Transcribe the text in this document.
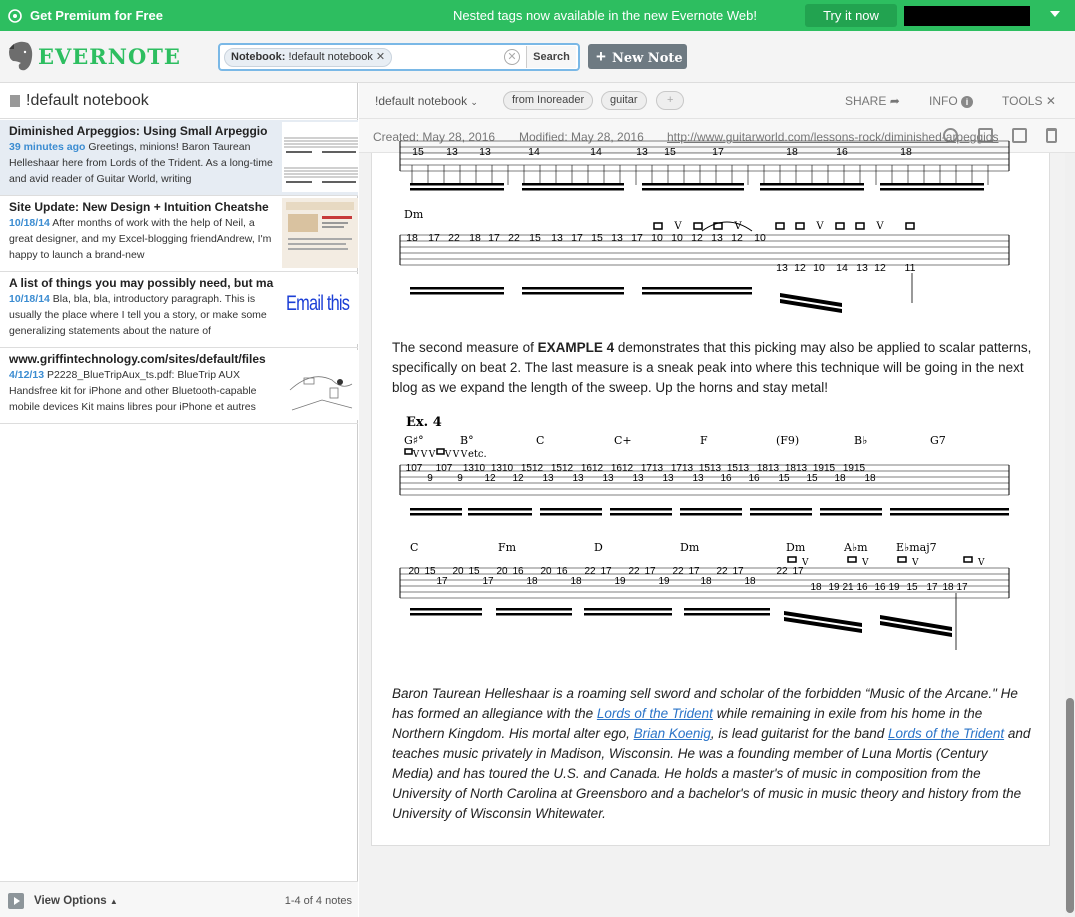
Get Premium for Free	Nested tags now available in the new Evernote Web!	Try it now
EVERNOTE	Notebook: !default notebook ✕	✕	Search	+ New Note
!default notebook
Diminished Arpeggios: Using Small Arpeggio
39 minutes ago Greetings, minions! Baron Taurean Helleshaar here from Lords of the Trident. As a long-time and avid reader of Guitar World, writing
Site Update: New Design + Intuition Cheatshe
10/18/14 After months of work with the help of Neil, a great designer, and my Excel-blogging friendAndrew, I'm happy to launch a brand-new
A list of things you may possibly need, but ma
10/18/14 Bla, bla, bla, introductory paragraph. This is usually the place where I tell you a story, or make some generalizing statements about the nature of
Email this
www.griffintechnology.com/sites/default/files
4/12/13 P2228_BlueTripAux_ts.pdf: BlueTrip AUX Handsfree kit for iPhone and other Bluetooth-capable mobile devices Kit mains libres pour iPhone et autres
View Options ▲	1-4 of 4 notes
!default notebook ⌄	from Inoreader	guitar	+	SHARE ➦ INFO i	TOOLS ✕
Created: May 28, 2016 Modified: May 28, 2016 http://www.guitarworld.com/lessons-rock/diminished-arpeggios
15 13 13	14	14	13 15	17	18	16	18
Dm
18 17 22 18 17 22 15 13 17 15 13 17 10 10 12 13 12 10
13 12 10 14 13 12 11
V	V	V	V
Ex. 4
G♯°	B°	C	C+	F	(F9)	B♭	G7
etc.
V V V V V V
107 107 1310 1310 1512 1512 1612 1612 1713 1713 1513 1513 1813 1813 1915 1915
9 9 12 12 13 13 13 13 13 13 16 16 15 15 18 18
C	Fm	D	Dm	Dm	A♭m	E♭maj7
20 15 20 15 20 16 20 16 22 17 22 17 22 17 22 17	22 17
17	17	18	18	19	19	18	18
18 19 21 16 16 19 15 17 18 17
V	V	V	V

The second measure of EXAMPLE 4 demonstrates that this picking may also be applied to scalar patterns, specifically on beat 2. The last measure is a sneak peak into where this technique will be going in the next blog as we expand the length of the sweep. Up the horns and stay metal!

Baron Taurean Helleshaar is a roaming sell sword and scholar of the forbidden “Music of the Arcane." He has formed an allegiance with the Lords of the Trident while remaining in exile from his home in the Northern Kingdom. His mortal alter ego, Brian Koenig, is lead guitarist for the band Lords of the Trident and teaches music privately in Madison, Wisconsin. He was a founding member of Luna Mortis (Century Media) and has toured the U.S. and Canada. He holds a master's of music in composition from the University of North Carolina at Greensboro and a bachelor's of music in music theory and history from the University of Wisconsin Whitewater.
